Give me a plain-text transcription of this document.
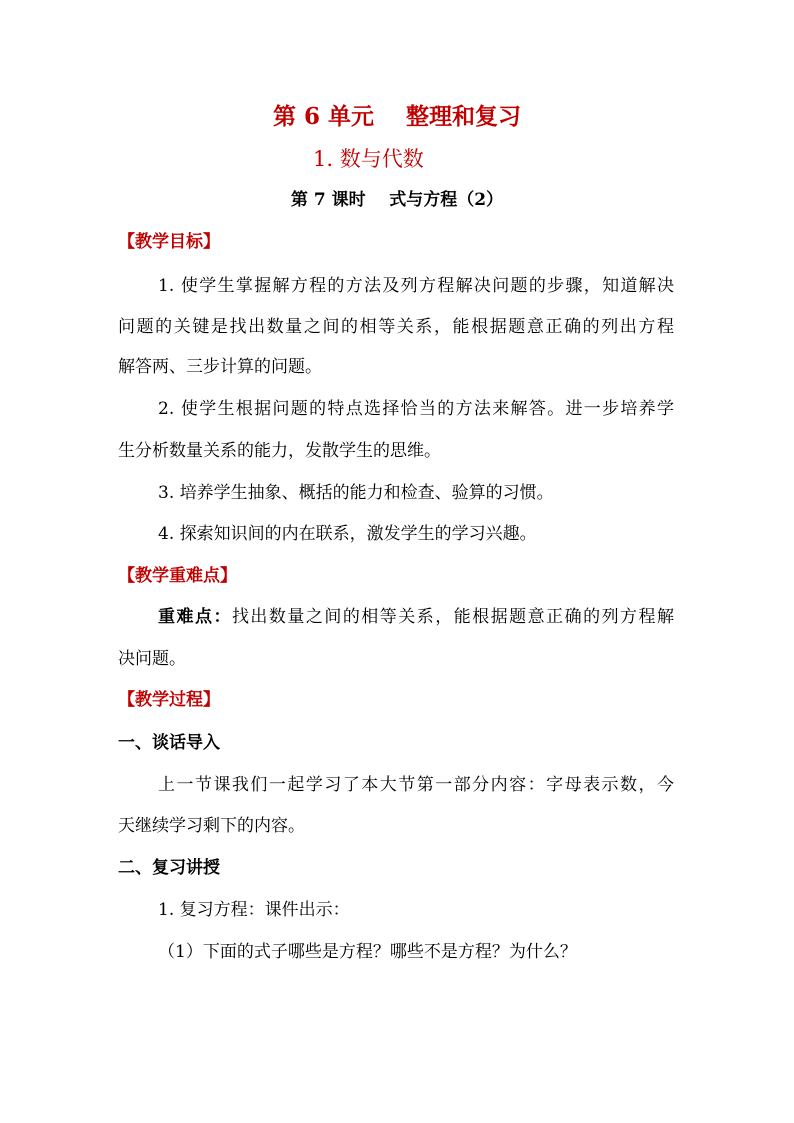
第 6 单元    整理和复习
1. 数与代数
第 7 课时    式与方程（2）
【教学目标】
1. 使学生掌握解方程的方法及列方程解决问题的步骤，知道解决
问题的关键是找出数量之间的相等关系，能根据题意正确的列出方程
解答两、三步计算的问题。
2. 使学生根据问题的特点选择恰当的方法来解答。进一步培养学
生分析数量关系的能力，发散学生的思维。
3. 培养学生抽象、概括的能力和检查、验算的习惯。
4. 探索知识间的内在联系，激发学生的学习兴趣。
【教学重难点】
重难点：找出数量之间的相等关系，能根据题意正确的列方程解
决问题。
【教学过程】
一、谈话导入
上一节课我们一起学习了本大节第一部分内容：字母表示数，今
天继续学习剩下的内容。
二、复习讲授
1. 复习方程：课件出示：
（1）下面的式子哪些是方程？哪些不是方程？为什么？
